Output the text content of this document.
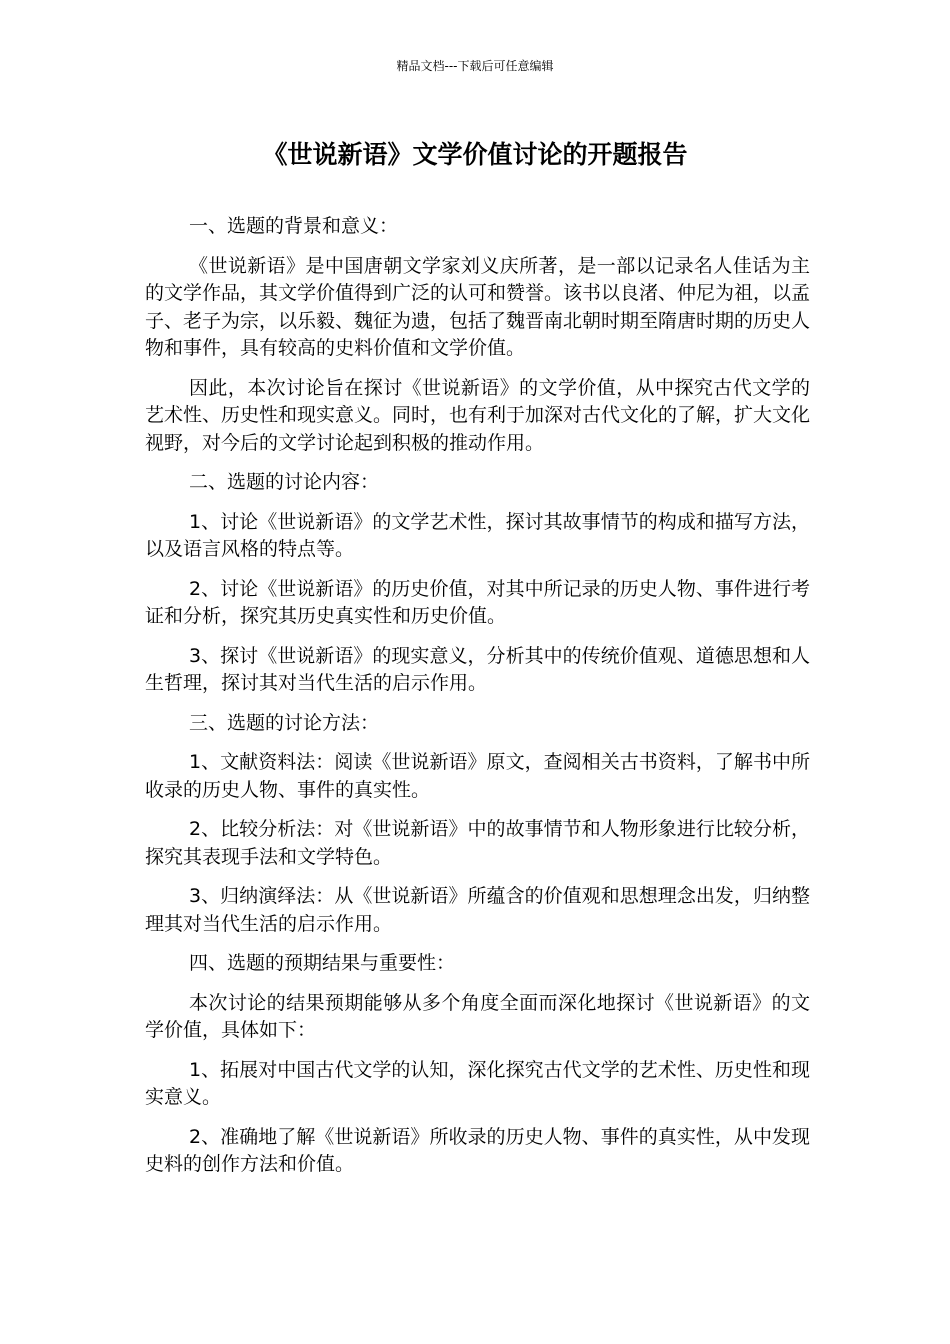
精品文档---下载后可任意编辑
《世说新语》文学价值讨论的开题报告

一、选题的背景和意义：

《世说新语》是中国唐朝文学家刘义庆所著，是一部以记录名人佳话为主的文学作品，其文学价值得到广泛的认可和赞誉。该书以良渚、仲尼为祖，以孟子、老子为宗，以乐毅、魏征为遗，包括了魏晋南北朝时期至隋唐时期的历史人物和事件，具有较高的史料价值和文学价值。

因此，本次讨论旨在探讨《世说新语》的文学价值，从中探究古代文学的艺术性、历史性和现实意义。同时，也有利于加深对古代文化的了解，扩大文化视野，对今后的文学讨论起到积极的推动作用。

二、选题的讨论内容：

1、讨论《世说新语》的文学艺术性，探讨其故事情节的构成和描写方法，以及语言风格的特点等。

2、讨论《世说新语》的历史价值，对其中所记录的历史人物、事件进行考证和分析，探究其历史真实性和历史价值。

3、探讨《世说新语》的现实意义，分析其中的传统价值观、道德思想和人生哲理，探讨其对当代生活的启示作用。

三、选题的讨论方法：

1、文献资料法：阅读《世说新语》原文，查阅相关古书资料，了解书中所收录的历史人物、事件的真实性。

2、比较分析法：对《世说新语》中的故事情节和人物形象进行比较分析，探究其表现手法和文学特色。

3、归纳演绎法：从《世说新语》所蕴含的价值观和思想理念出发，归纳整理其对当代生活的启示作用。

四、选题的预期结果与重要性：

本次讨论的结果预期能够从多个角度全面而深化地探讨《世说新语》的文学价值，具体如下：

1、拓展对中国古代文学的认知，深化探究古代文学的艺术性、历史性和现实意义。

2、准确地了解《世说新语》所收录的历史人物、事件的真实性，从中发现史料的创作方法和价值。
